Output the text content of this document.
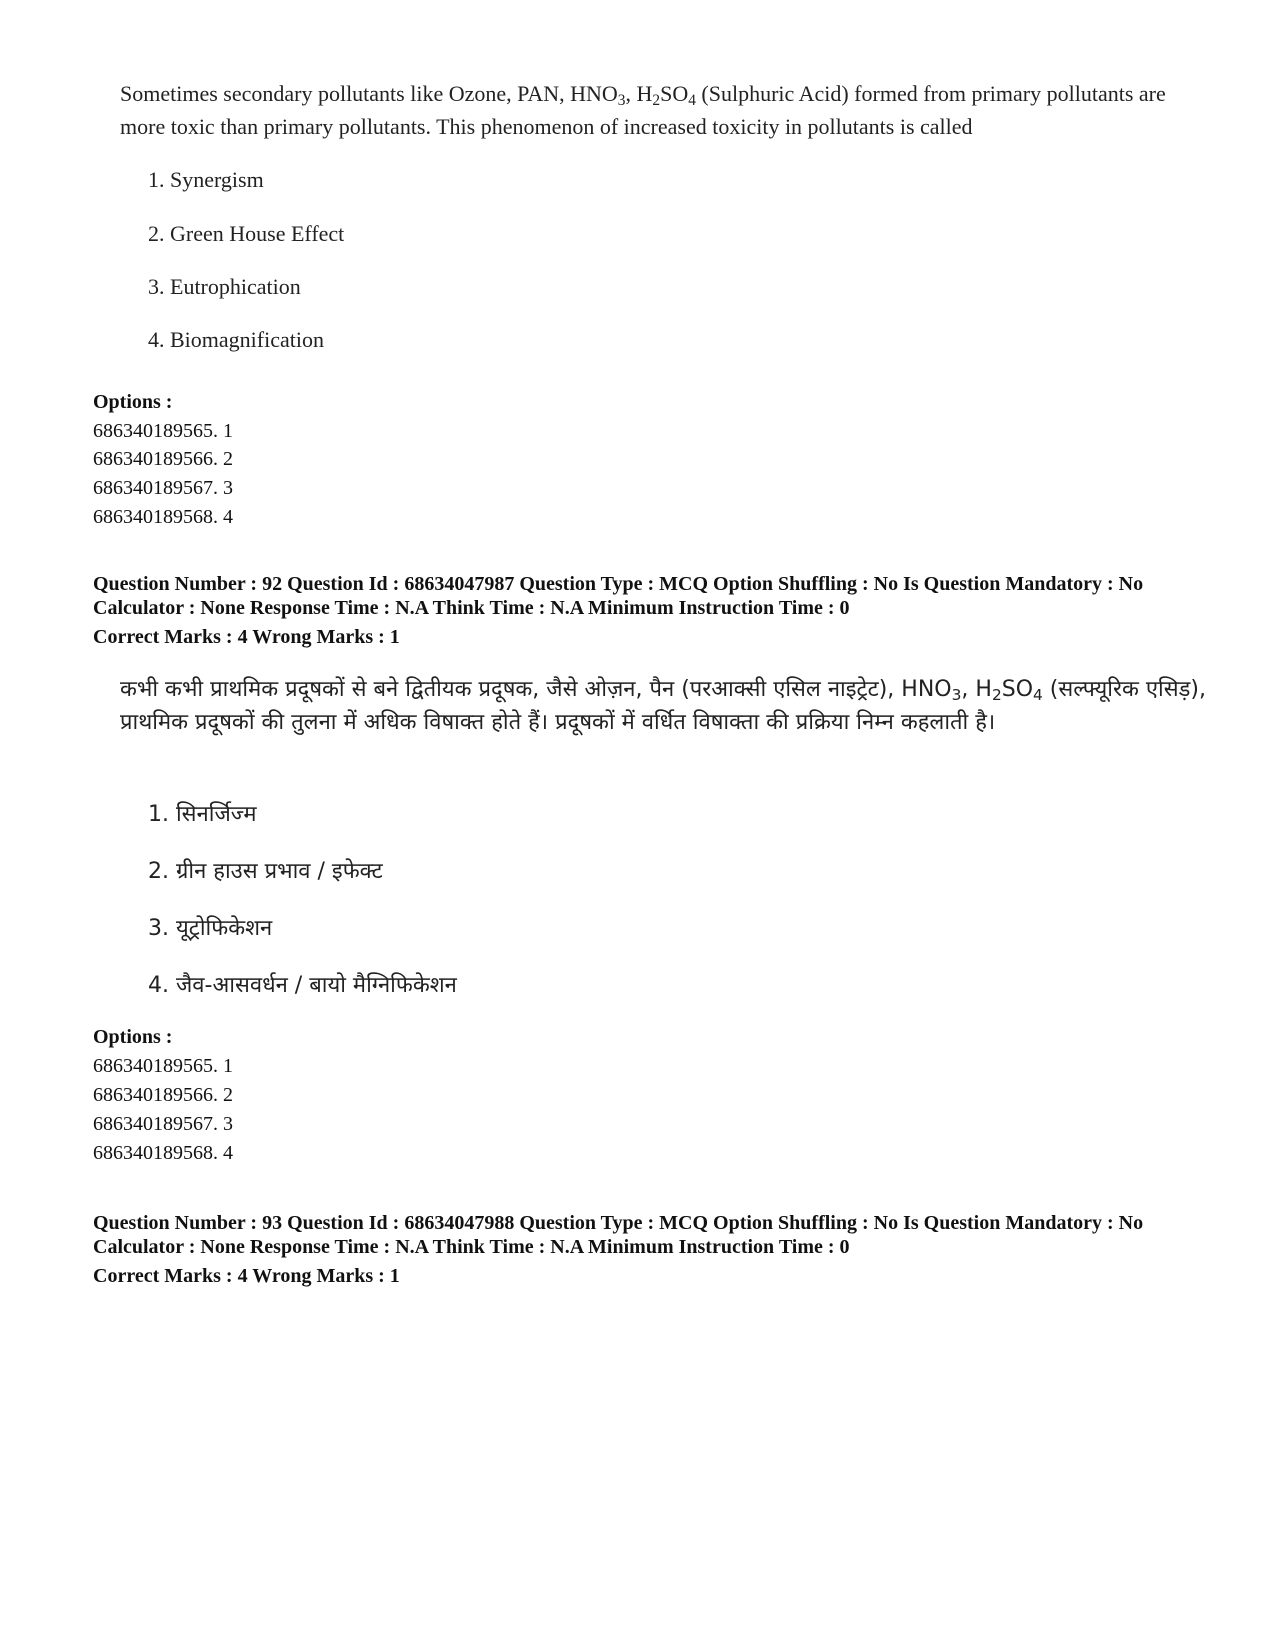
Sometimes secondary pollutants like Ozone, PAN, $HNO_3$, $H_2SO_4$ (Sulphuric Acid) formed from primary pollutants are more toxic than primary pollutants. This phenomenon of increased toxicity in pollutants is called
1. Synergism
2. Green House Effect
3. Eutrophication
4. Biomagnification
Options :
686340189565. 1
686340189566. 2
686340189567. 3
686340189568. 4
Question Number : 92 Question Id : 68634047987 Question Type : MCQ Option Shuffling : No Is Question Mandatory : No Calculator : None Response Time : N.A Think Time : N.A Minimum Instruction Time : 0
Correct Marks : 4 Wrong Marks : 1
कभी कभी प्राथमिक प्रदूषकों से बने द्वितीयक प्रदूषक, जैसे ओज़न, पैन (परआक्सी एसिल नाइट्रेट), $HNO_3$, $H_2SO_4$ (सल्फ्यूरिक एसिड़), प्राथमिक प्रदूषकों की तुलना में अधिक विषाक्त होते हैं। प्रदूषकों में वर्धित विषाक्ता की प्रक्रिया निम्न कहलाती है।
1. सिनर्जिज्म
2. ग्रीन हाउस प्रभाव / इफेक्ट
3. यूट्रोफिकेशन
4. जैव-आसवर्धन / बायो मैग्निफिकेशन
Options :
686340189565. 1
686340189566. 2
686340189567. 3
686340189568. 4
Question Number : 93 Question Id : 68634047988 Question Type : MCQ Option Shuffling : No Is Question Mandatory : No Calculator : None Response Time : N.A Think Time : N.A Minimum Instruction Time : 0
Correct Marks : 4 Wrong Marks : 1
